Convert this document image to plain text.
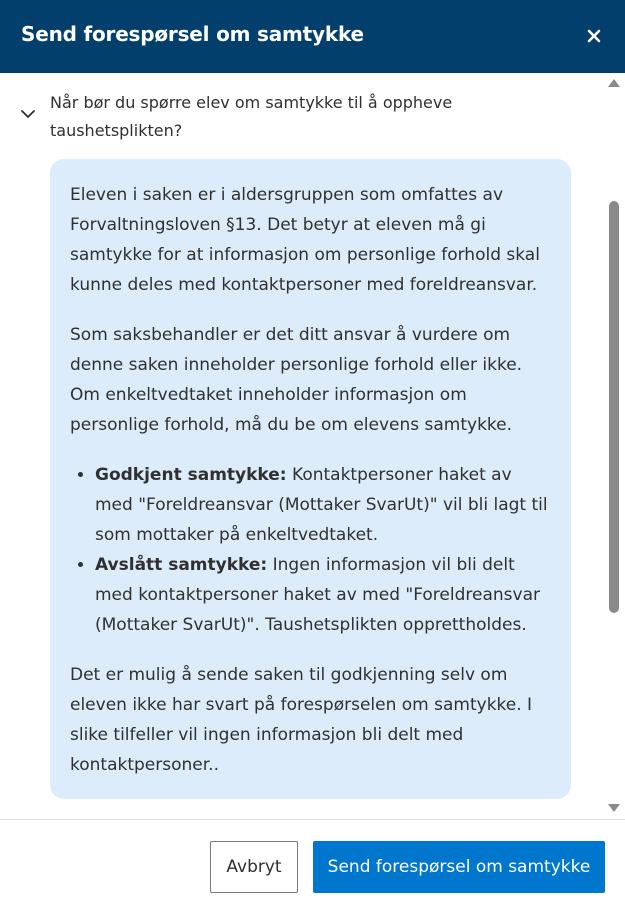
Send forespørsel om samtykke
Når bør du spørre elev om samtykke til å oppheve taushetsplikten?

Eleven i saken er i aldersgruppen som omfattes av Forvaltningsloven §13. Det betyr at eleven må gi samtykke for at informasjon om personlige forhold skal kunne deles med kontaktpersoner med foreldreansvar.

Som saksbehandler er det ditt ansvar å vurdere om denne saken inneholder personlige forhold eller ikke. Om enkeltvedtaket inneholder informasjon om personlige forhold, må du be om elevens samtykke.

• Godkjent samtykke: Kontaktpersoner haket av med "Foreldreansvar (Mottaker SvarUt)" vil bli lagt til som mottaker på enkeltvedtaket.
• Avslått samtykke: Ingen informasjon vil bli delt med kontaktpersoner haket av med "Foreldreansvar (Mottaker SvarUt)". Taushetsplikten opprettholdes.

Det er mulig å sende saken til godkjenning selv om eleven ikke har svart på forespørselen om samtykke. I slike tilfeller vil ingen informasjon bli delt med kontaktpersoner..

Avbryt	Send forespørsel om samtykke
